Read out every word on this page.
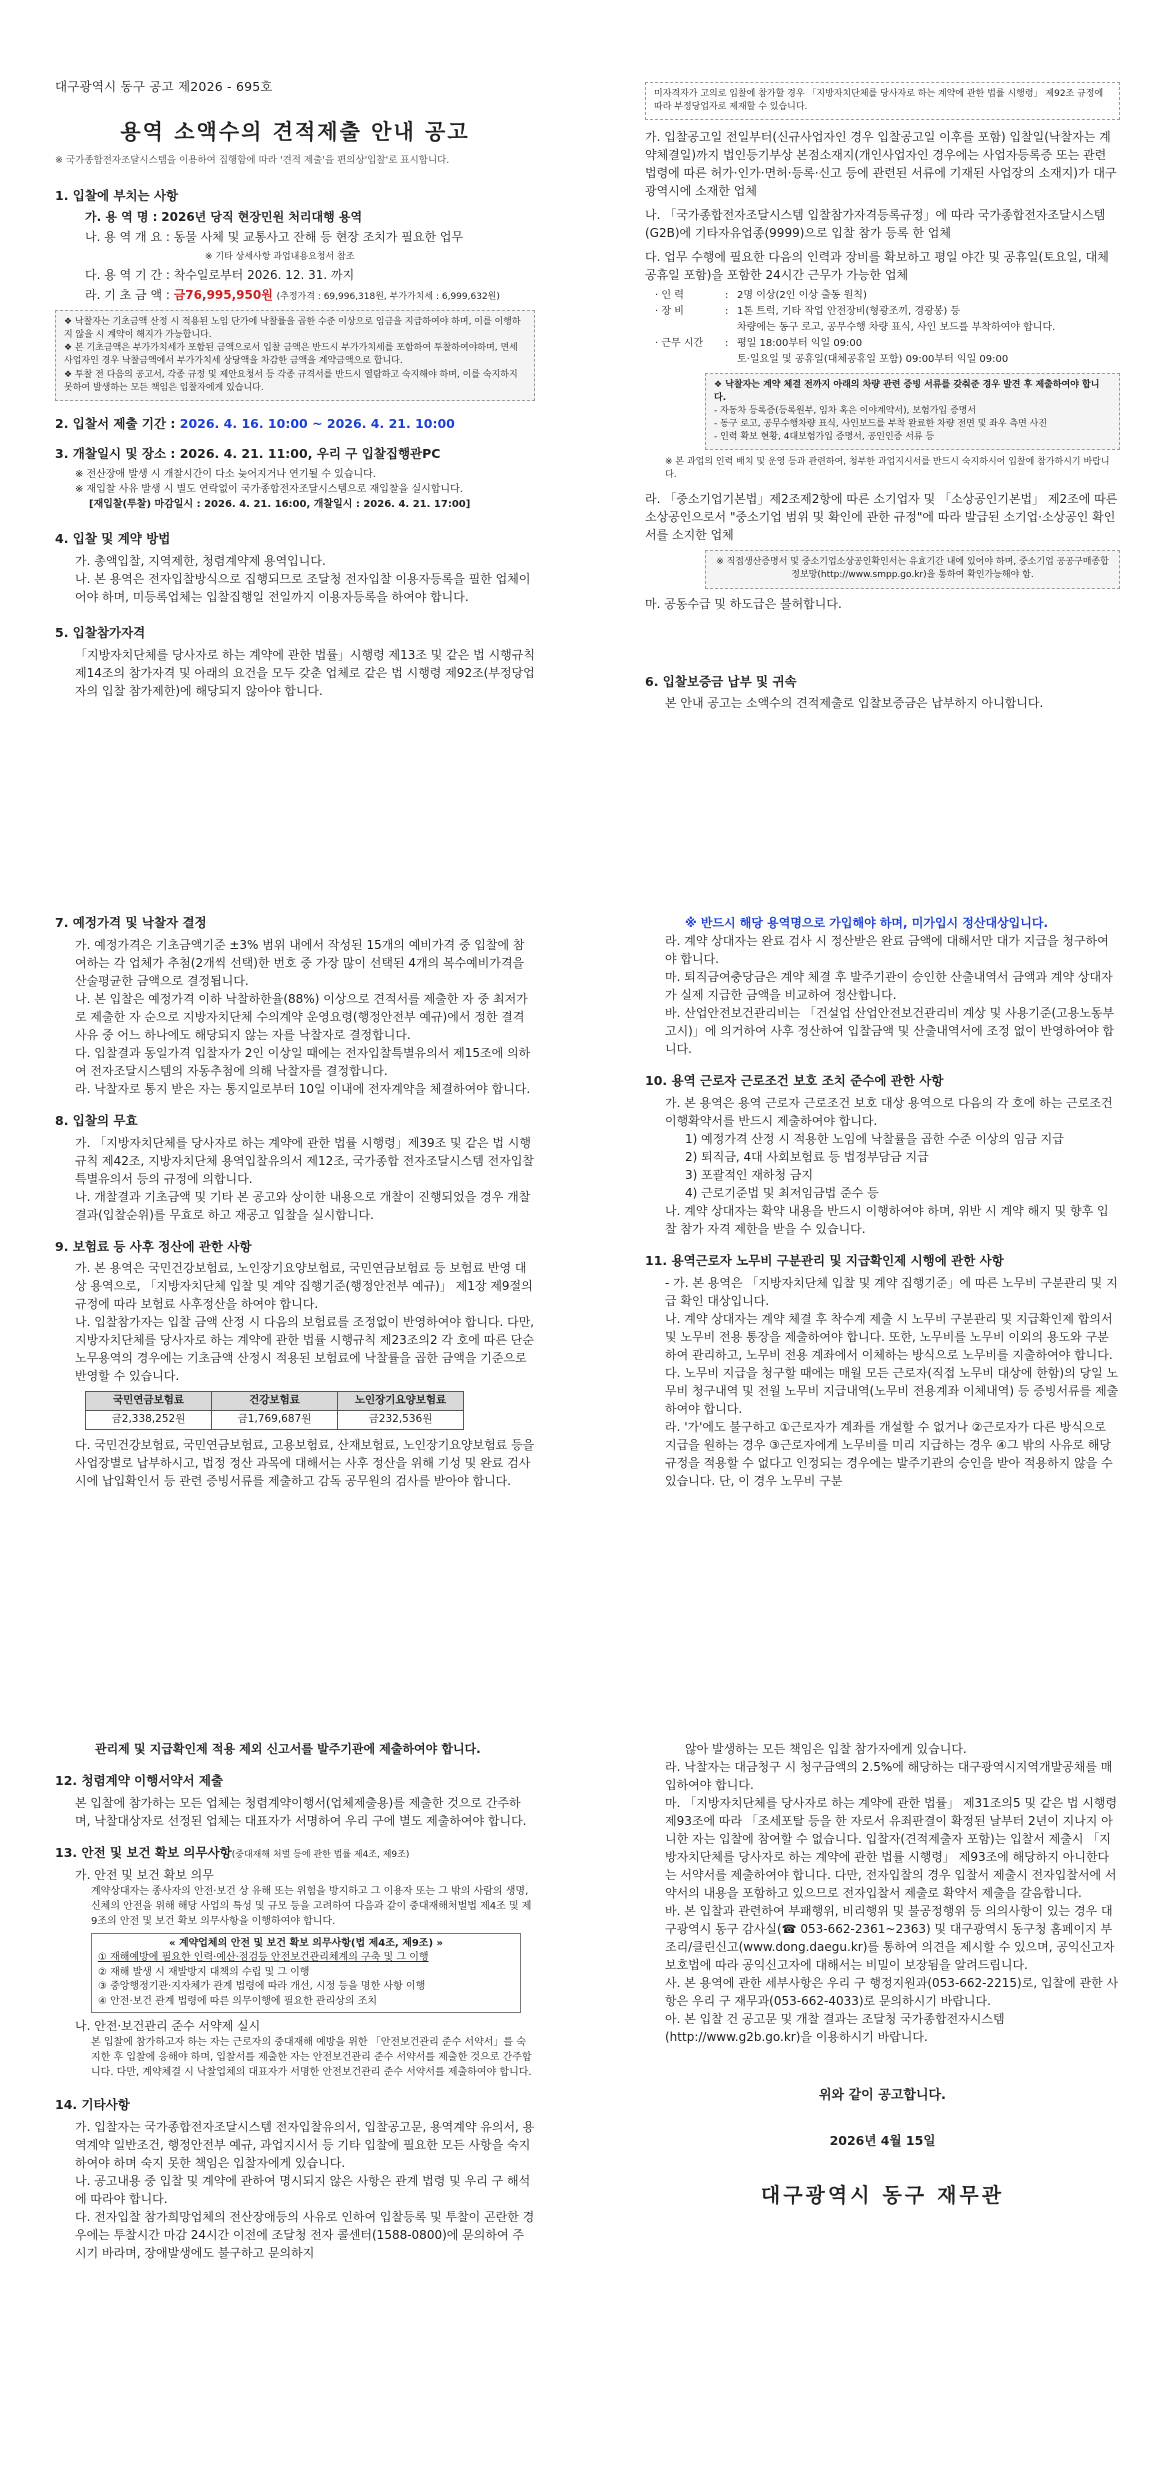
대구광역시 동구 공고 제2026 - 695호
용역 소액수의 견적제출 안내 공고
※ 국가종합전자조달시스템을 이용하여 집행함에 따라 '견적 제출'을 편의상'입찰'로 표시합니다.
1. 입찰에 부치는 사항
가. 용 역 명 : 2026년 당직 현장민원 처리대행 용역
나. 용 역 개 요 : 동물 사체 및 교통사고 잔해 등 현장 조치가 필요한 업무
※ 기타 상세사항 과업내용요청서 참조
다. 용 역 기 간 : 착수일로부터 2026. 12. 31. 까지
라. 기 초 금 액 : 금76,995,950원 (추정가격 : 69,996,318원, 부가가치세 : 6,999,632원)
❖ 낙찰자는 기초금액 산정 시 적용된 노임 단가에 낙찰률을 곱한 수준 이상으로 임금을 지급하여야 하며, 이를 이행하지 않을 시 계약이 해지가 가능합니다.
❖ 본 기초금액은 부가가치세가 포함된 금액으로서 입찰 금액은 반드시 부가가치세를 포함하여 투찰하여야하며, 면세사업자인 경우 낙찰금액에서 부가가치세 상당액을 차감한 금액을 계약금액으로 합니다.
❖ 투찰 전 다음의 공고서, 각종 규정 및 제안요청서 등 각종 규격서를 반드시 열람하고 숙지해야 하며, 이를 숙지하지 못하여 발생하는 모든 책임은 입찰자에게 있습니다.
2. 입찰서 제출 기간 : 2026. 4. 16. 10:00 ~ 2026. 4. 21. 10:00
3. 개찰일시 및 장소 : 2026. 4. 21. 11:00, 우리 구 입찰집행관PC
※ 전산장애 발생 시 개찰시간이 다소 늦어지거나 연기될 수 있습니다.
※ 재입찰 사유 발생 시 별도 연락없이 국가종합전자조달시스템으로 재입찰을 실시합니다.
[재입찰(투찰) 마감일시 : 2026. 4. 21. 16:00, 개찰일시 : 2026. 4. 21. 17:00]
4. 입찰 및 계약 방법
가. 총액입찰, 지역제한, 청렴계약제 용역입니다.
나. 본 용역은 전자입찰방식으로 집행되므로 조달청 전자입찰 이용자등록을 필한 업체이어야 하며, 미등록업체는 입찰집행일 전일까지 이용자등록을 하여야 합니다.
5. 입찰참가자격
「지방자치단체를 당사자로 하는 계약에 관한 법률」시행령 제13조 및 같은 법 시행규칙 제14조의 참가자격 및 아래의 요건을 모두 갖춘 업체로 같은 법 시행령 제92조(부정당업자의 입찰 참가제한)에 해당되지 않아야 합니다.
미자격자가 고의로 입찰에 참가할 경우 「지방자치단체를 당사자로 하는 계약에 관한 법률 시행령」 제92조 규정에 따라 부정당업자로 제재할 수 있습니다.
가. 입찰공고일 전일부터(신규사업자인 경우 입찰공고일 이후를 포함) 입찰일(낙찰자는 계약체결일)까지 법인등기부상 본점소재지(개인사업자인 경우에는 사업자등록증 또는 관련 법령에 따른 허가·인가·면허·등록·신고 등에 관련된 서류에 기재된 사업장의 소재지)가 대구광역시에 소재한 업체
나. 「국가종합전자조달시스템 입찰참가자격등록규정」에 따라 국가종합전자조달시스템(G2B)에 기타자유업종(9999)으로 입찰 참가 등록 한 업체
다. 업무 수행에 필요한 다음의 인력과 장비를 확보하고 평일 야간 및 공휴일(토요일, 대체공휴일 포함)을 포함한 24시간 근무가 가능한 업체
· 인 력	: 2명 이상(2인 이상 출동 원칙)
· 장 비	: 1톤 트럭, 기타 작업 안전장비(형광조끼, 경광봉) 등
차량에는 동구 로고, 공무수행 차량 표식, 사인 보드를 부착하여야 합니다.
· 근무 시간	: 평일 18:00부터 익일 09:00
토·일요일 및 공휴일(대체공휴일 포함) 09:00부터 익일 09:00
❖ 낙찰자는 계약 체결 전까지 아래의 차량 관련 증빙 서류를 갖춰준 경우 발견 후 제출하여야 합니다.
- 자동차 등록증(등록원부, 임차 혹은 이야계약서), 보험가입 증명서
- 동구 로고, 공무수행차량 표식, 사인보드를 부착 완료한 차량 전면 및 좌우 측면 사진
- 인력 확보 현황, 4대보험가입 증명서, 공인인증 서류 등
※ 본 과업의 인력 배치 및 운영 등과 관련하여, 청부한 과업지시서를 반드시 숙지하시어 입찰에 참가하시기 바랍니다.
라. 「중소기업기본법」제2조제2항에 따른 소기업자 및 「소상공인기본법」 제2조에 따른 소상공인으로서 "중소기업 범위 및 확인에 관한 규정"에 따라 발급된 소기업·소상공인 확인서를 소지한 업체
※ 직접생산증명서 및 중소기업소상공인확인서는 유효기간 내에 있어야 하며, 중소기업 공공구매종합정보망(http://www.smpp.go.kr)을 통하여 확인가능해야 함.
마. 공동수급 및 하도급은 불허합니다.
6. 입찰보증금 납부 및 귀속
본 안내 공고는 소액수의 견적제출로 입찰보증금은 납부하지 아니합니다.
7. 예정가격 및 낙찰자 결정
가. 예정가격은 기초금액기준 ±3% 범위 내에서 작성된 15개의 예비가격 중 입찰에 참여하는 각 업체가 추첨(2개씩 선택)한 번호 중 가장 많이 선택된 4개의 복수예비가격을 산술평균한 금액으로 결정됩니다.
나. 본 입찰은 예정가격 이하 낙찰하한율(88%) 이상으로 견적서를 제출한 자 중 최저가로 제출한 자 순으로 지방자치단체 수의계약 운영요령(행정안전부 예규)에서 정한 결격사유 중 어느 하나에도 해당되지 않는 자를 낙찰자로 결정합니다.
다. 입찰결과 동일가격 입찰자가 2인 이상일 때에는 전자입찰특별유의서 제15조에 의하여 전자조달시스템의 자동추첨에 의해 낙찰자를 결정합니다.
라. 낙찰자로 통지 받은 자는 통지일로부터 10일 이내에 전자계약을 체결하여야 합니다.
8. 입찰의 무효
가. 「지방자치단체를 당사자로 하는 계약에 관한 법률 시행령」제39조 및 같은 법 시행규칙 제42조, 지방자치단체 용역입찰유의서 제12조, 국가종합 전자조달시스템 전자입찰 특별유의서 등의 규정에 의합니다.
나. 개찰결과 기초금액 및 기타 본 공고와 상이한 내용으로 개찰이 진행되었을 경우 개찰결과(입찰순위)를 무효로 하고 재공고 입찰을 실시합니다.
9. 보험료 등 사후 정산에 관한 사항
가. 본 용역은 국민건강보험료, 노인장기요양보험료, 국민연금보험료 등 보험료 반영 대상 용역으로, 「지방자치단체 입찰 및 계약 집행기준(행정안전부 예규)」 제1장 제9절의 규정에 따라 보험료 사후정산을 하여야 합니다.
나. 입찰참가자는 입찰 금액 산정 시 다음의 보험료를 조정없이 반영하여야 합니다. 다만, 지방자치단체를 당사자로 하는 계약에 관한 법률 시행규칙 제23조의2 각 호에 따른 단순노무용역의 경우에는 기초금액 산정시 적용된 보험료에 낙찰률을 곱한 금액을 기준으로 반영할 수 있습니다.
국민연금보험료	건강보험료	노인장기요양보험료
금2,338,252원	금1,769,687원	금232,536원
다. 국민건강보험료, 국민연금보험료, 고용보험료, 산재보험료, 노인장기요양보험료 등을 사업장별로 납부하시고, 법정 정산 과목에 대해서는 사후 정산을 위해 기성 및 완료 검사 시에 납입확인서 등 관련 증빙서류를 제출하고 감독 공무원의 검사를 받아야 합니다.
※ 반드시 해당 용역명으로 가입해야 하며, 미가입시 정산대상입니다.
라. 계약 상대자는 완료 검사 시 정산받은 완료 금액에 대해서만 대가 지급을 청구하여야 합니다.
마. 퇴직금여충당금은 계약 체결 후 발주기관이 승인한 산출내역서 금액과 계약 상대자가 실제 지급한 금액을 비교하여 정산합니다.
바. 산업안전보건관리비는 「건설업 산업안전보건관리비 계상 및 사용기준(고용노동부 고시)」에 의거하여 사후 정산하여 입찰금액 및 산출내역서에 조정 없이 반영하여야 합니다.
10. 용역 근로자 근로조건 보호 조치 준수에 관한 사항
가. 본 용역은 용역 근로자 근로조건 보호 대상 용역으로 다음의 각 호에 하는 근로조건 이행확약서를 반드시 제출하여야 합니다.
1) 예정가격 산정 시 적용한 노임에 낙찰률을 곱한 수준 이상의 임금 지급
2) 퇴직금, 4대 사회보험료 등 법정부담금 지급
3) 포괄적인 재하청 금지
4) 근로기준법 및 최저임금법 준수 등
나. 계약 상대자는 확약 내용을 반드시 이행하여야 하며, 위반 시 계약 해지 및 향후 입찰 참가 자격 제한을 받을 수 있습니다.
11. 용역근로자 노무비 구분관리 및 지급확인제 시행에 관한 사항
- 가. 본 용역은 「지방자치단체 입찰 및 계약 집행기준」에 따른 노무비 구분관리 및 지급 확인 대상입니다.
나. 계약 상대자는 계약 체결 후 착수계 제출 시 노무비 구분관리 및 지급확인제 합의서 및 노무비 전용 통장을 제출하여야 합니다. 또한, 노무비를 노무비 이외의 용도와 구분하여 관리하고, 노무비 전용 계좌에서 이체하는 방식으로 노무비를 지출하여야 합니다.
다. 노무비 지급을 청구할 때에는 매월 모든 근로자(직접 노무비 대상에 한함)의 당일 노무비 청구내역 및 전월 노무비 지급내역(노무비 전용계좌 이체내역) 등 증빙서류를 제출하여야 합니다.
라. '가'에도 불구하고 ①근로자가 계좌를 개설할 수 없거나 ②근로자가 다른 방식으로 지급을 원하는 경우 ③근로자에게 노무비를 미리 지급하는 경우 ④그 밖의 사유로 해당 규정을 적용할 수 없다고 인정되는 경우에는 발주기관의 승인을 받아 적용하지 않을 수 있습니다. 단, 이 경우 노무비 구분
관리제 및 지급확인제 적용 제외 신고서를 발주기관에 제출하여야 합니다.
12. 청렴계약 이행서약서 제출
본 입찰에 참가하는 모든 업체는 청렴계약이행서(업체제출용)를 제출한 것으로 간주하며, 낙찰대상자로 선정된 업체는 대표자가 서명하여 우리 구에 별도 제출하여야 합니다.
13. 안전 및 보건 확보 의무사항(중대재해 처벌 등에 관한 법률 제4조, 제9조)
가. 안전 및 보건 확보 의무
계약상대자는 종사자의 안전·보건 상 유해 또는 위험을 방지하고 그 이용자 또는 그 밖의 사람의 생명, 신체의 안전을 위해 해당 사업의 특성 및 규모 등을 고려하여 다음과 같이 중대재해처벌법 제4조 및 제9조의 안전 및 보건 확보 의무사항을 이행하여야 합니다.
« 계약업체의 안전 및 보건 확보 의무사항(법 제4조, 제9조) »
① 재해예방에 필요한 인력·예산·점검등 안전보건관리체계의 구축 및 그 이행
② 재해 발생 시 재발방지 대책의 수립 및 그 이행
③ 중앙행정기관·지자체가 관계 법령에 따라 개선, 시정 등을 명한 사항 이행
④ 안전·보건 관계 법령에 따른 의무이행에 필요한 관리상의 조치
나. 안전·보건관리 준수 서약제 실시
본 입찰에 참가하고자 하는 자는 근로자의 중대재해 예방을 위한 「안전보건관리 준수 서약서」를 숙지한 후 입찰에 응해야 하며, 입찰서를 제출한 자는 안전보건관리 준수 서약서를 제출한 것으로 간주합니다. 다만, 계약체결 시 낙찰업체의 대표자가 서명한 안전보건관리 준수 서약서를 제출하여야 합니다.
14. 기타사항
가. 입찰자는 국가종합전자조달시스템 전자입찰유의서, 입찰공고문, 용역계약 유의서, 용역계약 일반조건, 행정안전부 예규, 과업지시서 등 기타 입찰에 필요한 모든 사항을 숙지하여야 하며 숙지 못한 책임은 입찰자에게 있습니다.
나. 공고내용 중 입찰 및 계약에 관하여 명시되지 않은 사항은 관계 법령 및 우리 구 해석에 따라야 합니다.
다. 전자입찰 참가희망업체의 전산장애등의 사유로 인하여 입찰등록 및 투찰이 곤란한 경우에는 투찰시간 마감 24시간 이전에 조달청 전자 콜센터(1588-0800)에 문의하여 주시기 바라며, 장애발생에도 불구하고 문의하지
않아 발생하는 모든 책임은 입찰 참가자에게 있습니다.
라. 낙찰자는 대금청구 시 청구금액의 2.5%에 해당하는 대구광역시지역개발공채를 매입하여야 합니다.
마. 「지방자치단체를 당사자로 하는 계약에 관한 법률」 제31조의5 및 같은 법 시행령 제93조에 따라 「조세포탈 등을 한 자로서 유죄판결이 확정된 날부터 2년이 지나지 아니한 자는 입찰에 참여할 수 없습니다. 입찰자(견적제출자 포함)는 입찰서 제출시 「지방자치단체를 당사자로 하는 계약에 관한 법률 시행령」 제93조에 해당하지 아니한다는 서약서를 제출하여야 합니다. 다만, 전자입찰의 경우 입찰서 제출시 전자입찰서에 서약서의 내용을 포함하고 있으므로 전자입찰서 제출로 확약서 제출을 갈음합니다.
바. 본 입찰과 관련하여 부패행위, 비리행위 및 불공정행위 등 의의사항이 있는 경우 대구광역시 동구 감사실(☎ 053-662-2361~2363) 및 대구광역시 동구청 홈페이지 부조리/클린신고(www.dong.daegu.kr)를 통하여 의견을 제시할 수 있으며, 공익신고자보호법에 따라 공익신고자에 대해서는 비밀이 보장됨을 알려드립니다.
사. 본 용역에 관한 세부사항은 우리 구 행정지원과(053-662-2215)로, 입찰에 관한 사항은 우리 구 재무과(053-662-4033)로 문의하시기 바랍니다.
아. 본 입찰 건 공고문 및 개찰 결과는 조달청 국가종합전자시스템(http://www.g2b.go.kr)을 이용하시기 바랍니다.
위와 같이 공고합니다.
2026년 4월 15일
대구광역시 동구 재무관
